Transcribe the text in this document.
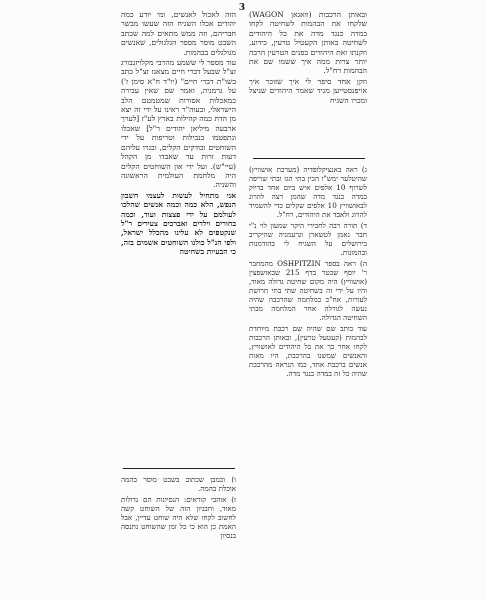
3

ובאותן הרכבות (וואגאן WAGON) שלקחו את הבהמות לשחיטה לקחו במדה כנגד מדה את כל היהודים לשחיטה באותן הקעטיל טרעין, כידוע, וזקנתו ואת היהודים בפנים הטרעין הרבה יותר צרות ממה איך ששמו שם את הבהמות רח"ל.

וזקן אחד סיפר לי איך שזוכר איך אויפנסטייען מגיד שאמר היהודים שניצל ומכרו השגיח

ג) ראה באנציקלופדיה (מערכת אושוויץ) שהיטלער ימש"ו הכין בתי הגז ובתי שריפה לשרוף 10 אלפים איש ביום אחד בדיוק במדה כנגד מדה שהמן רצה להרוג לבאושוויץ 10 אלפים שקלים כדי להשמיד להרוג ולאבד את היהודים, רח"ל.

ד) תורה רבה לחבירי היקר שמעון לוי נ"י חבר נאמן לטשארן וגרעמניה שהיקריב בירושלים על השגיח לי בהזדמנות ובהמונות.

ה) ראה בספר OSHPITZIN מהמחבר ר' יוסף שכטר בדף 215 שבאושפצין (אושוויץ) היה מקום שחיטה גדולה מאוד, והיו על ידי זה בשחיטה שתי בתי חרושת לעורות, אח"כ במלחמה שהרכבה שהיה נעשה לגורלה אחר המלחמה מבתי השחיטה הגדולה.

עוד כותב שם שהיה שם רכבת מיוחדת לבהמות (קעטעל טרעין), ובאותן הרכבות לקחו אחר כך את כל היהודים לאושוויץ, והאנשים שמשנו בהרכבת, היו מאות אנשים ברכבת אחד, כמו הנראה מהרכבת שהיה כל זה במדה כנגד מדה.

הזה לאכול לאנשים, ומי יודע כמה יהודים אכלו השגיח הזה שעשו מבשר חבריהם, וזה ממש מתאים למה שכתב השבט מוסר מספר הגלגולים, שאנשים מגולגלים בבהמות.

עוד מספר לי ששמע מהרבי מקלויזנבורג זצ"ל שבעל דברי חיים מצאנז זצ"ל כתב בשו"ת דברי חיים" (יו"ד ח"א סימן ז') על גרמניה, ואמר שם שאין עבירה כמאכלות אסורות שמטמטם הלב הישראלי, ובעוה"ר ראינו על ידי זה יצא מן הדת כמה קהילות בארץ לע"ז [לערך ארבעה מיליאן יהודים ר"ל] שאכלו ונתפטמו בנבילות וטריפות על ידי השוחטים ובודקים הקלים, ובגרו עליהם דעות זרות עד שאבדו מן הקהל (עיי"ש). ועל ידי און השוחטים הקלים היה מלחמת העולמית הראשונה והשניה.

אני מתחיל לעשות לעצמי חשבון הנפש, הלא כמה וכמה אנשים שהלכו לעולמם על ידי פצצות ועוד, וכמה בחורים וילדים ואברכים צעירים ר"ל שנקטפים לא עלינו מהכלל ישראל, ולפי הנ"ל כולנו השוחטים אשמים בזה, כי הבעיות בשחיטה

ו) וכמבן שכתוב בשבט מוסר בהמה אוכלת בהמה.

ז) אוהבי קוראים: הנסיונות הם גדולות מאוד, וחבניון הזה של השוחט קשה לחשוב לקחו שלא היה שוחט עדיין, אבל האמת כן הוא כי כל זמן שהשוחט נתנסה בנסיון
